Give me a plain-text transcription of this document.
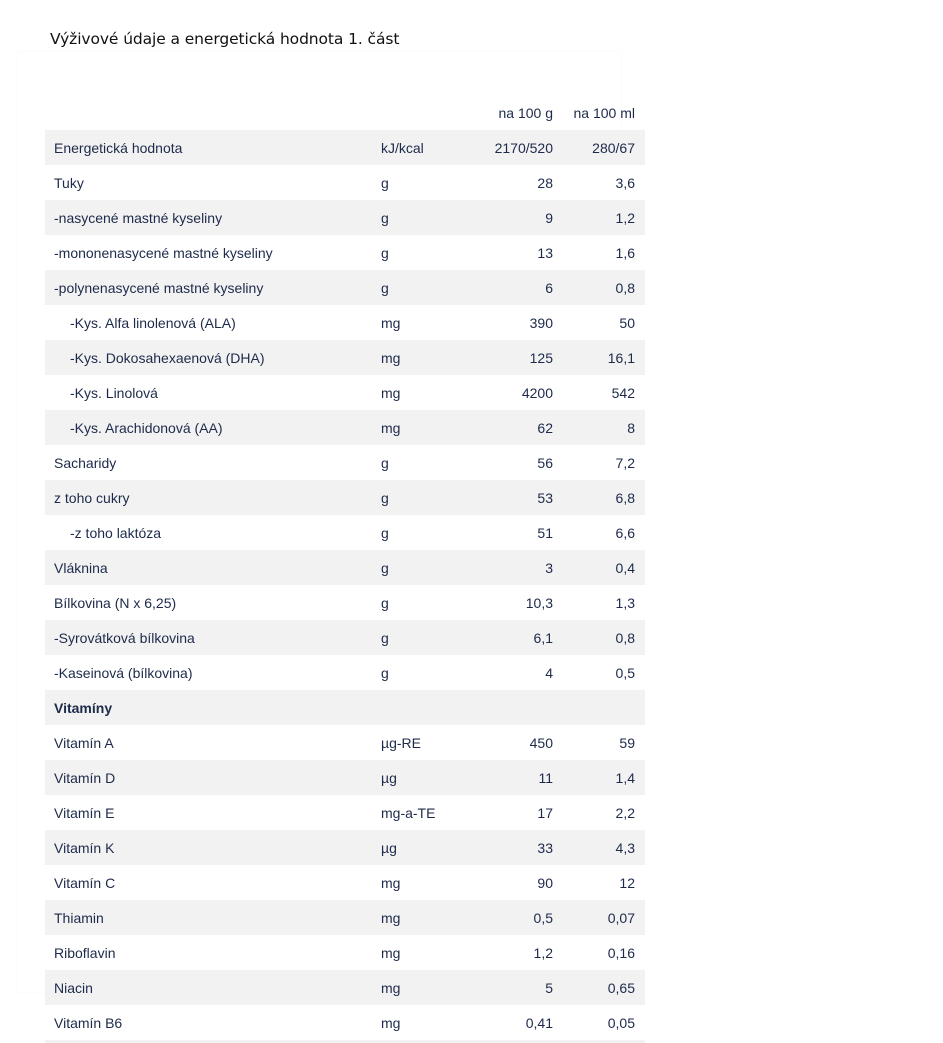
Výživové údaje a energetická hodnota 1. část
		na 100 g	na 100 ml
Energetická hodnota	kJ/kcal	2170/520	280/67
Tuky	g	28	3,6
-nasycené mastné kyseliny	g	9	1,2
-mononenasycené mastné kyseliny	g	13	1,6
-polynenasycené mastné kyseliny	g	6	0,8
-Kys. Alfa linolenová (ALA)	mg	390	50
-Kys. Dokosahexaenová (DHA)	mg	125	16,1
-Kys. Linolová	mg	4200	542
-Kys. Arachidonová (AA)	mg	62	8
Sacharidy	g	56	7,2
z toho cukry	g	53	6,8
-z toho laktóza	g	51	6,6
Vláknina	g	3	0,4
Bílkovina (N x 6,25)	g	10,3	1,3
-Syrovátková bílkovina	g	6,1	0,8
-Kaseinová (bílkovina)	g	4	0,5
Vitamíny			
Vitamín A	µg-RE	450	59
Vitamín D	µg	11	1,4
Vitamín E	mg-a-TE	17	2,2
Vitamín K	µg	33	4,3
Vitamín C	mg	90	12
Thiamin	mg	0,5	0,07
Riboflavin	mg	1,2	0,16
Niacin	mg	5	0,65
Vitamín B6	mg	0,41	0,05
